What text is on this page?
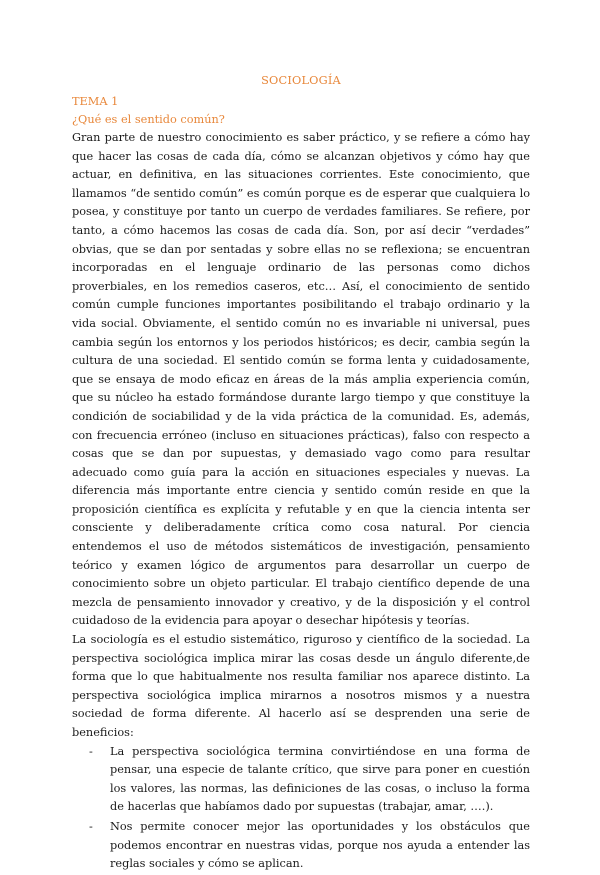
SOCIOLOGÍA
TEMA 1
¿Qué es el sentido común?

Gran parte de nuestro conocimiento es saber práctico, y se refiere a cómo hay que hacer las cosas de cada día, cómo se alcanzan objetivos y cómo hay que actuar, en definitiva, en las situaciones corrientes. Este conocimiento, que llamamos “de sentido común” es común porque es de esperar que cualquiera lo posea, y constituye por tanto un cuerpo de verdades familiares. Se refiere, por tanto, a cómo hacemos las cosas de cada día. Son, por así decir “verdades” obvias, que se dan por sentadas y sobre ellas no se reflexiona; se encuentran incorporadas en el lenguaje ordinario de las personas como dichos proverbiales, en los remedios caseros, etc… Así, el conocimiento de sentido común cumple funciones importantes posibilitando el trabajo ordinario y la vida social. Obviamente, el sentido común no es invariable ni universal, pues cambia según los entornos y los periodos históricos; es decir, cambia según la cultura de una sociedad. El sentido común se forma lenta y cuidadosamente, que se ensaya de modo eficaz en áreas de la más amplia experiencia común, que su núcleo ha estado formándose durante largo tiempo y que constituye la condición de sociabilidad y de la vida práctica de la comunidad. Es, además, con frecuencia erróneo (incluso en situaciones prácticas), falso con respecto a cosas que se dan por supuestas, y demasiado vago como para resultar adecuado como guía para la acción en situaciones especiales y nuevas. La diferencia más importante entre ciencia y sentido común reside en que la proposición científica es explícita y refutable y en que la ciencia intenta ser consciente y deliberadamente crítica como cosa natural. Por ciencia entendemos el uso de métodos sistemáticos de investigación, pensamiento teórico y examen lógico de argumentos para desarrollar un cuerpo de conocimiento sobre un objeto particular. El trabajo científico depende de una mezcla de pensamiento innovador y creativo, y de la disposición y el control cuidadoso de la evidencia para apoyar o desechar hipótesis y teorías.

La sociología es el estudio sistemático, riguroso y científico de la sociedad. La perspectiva sociológica implica mirar las cosas desde un ángulo diferente,de forma que lo que habitualmente nos resulta familiar nos aparece distinto. La perspectiva sociológica implica mirarnos a nosotros mismos y a nuestra sociedad de forma diferente. Al hacerlo así se desprenden una serie de beneficios:

- La perspectiva sociológica termina convirtiéndose en una forma de pensar, una especie de talante crítico, que sirve para poner en cuestión los valores, las normas, las definiciones de las cosas, o incluso la forma de hacerlas que habíamos dado por supuestas (trabajar, amar, ….).
- Nos permite conocer mejor las oportunidades y los obstáculos que podemos encontrar en nuestras vidas, porque nos ayuda a entender las reglas sociales y cómo se aplican.
